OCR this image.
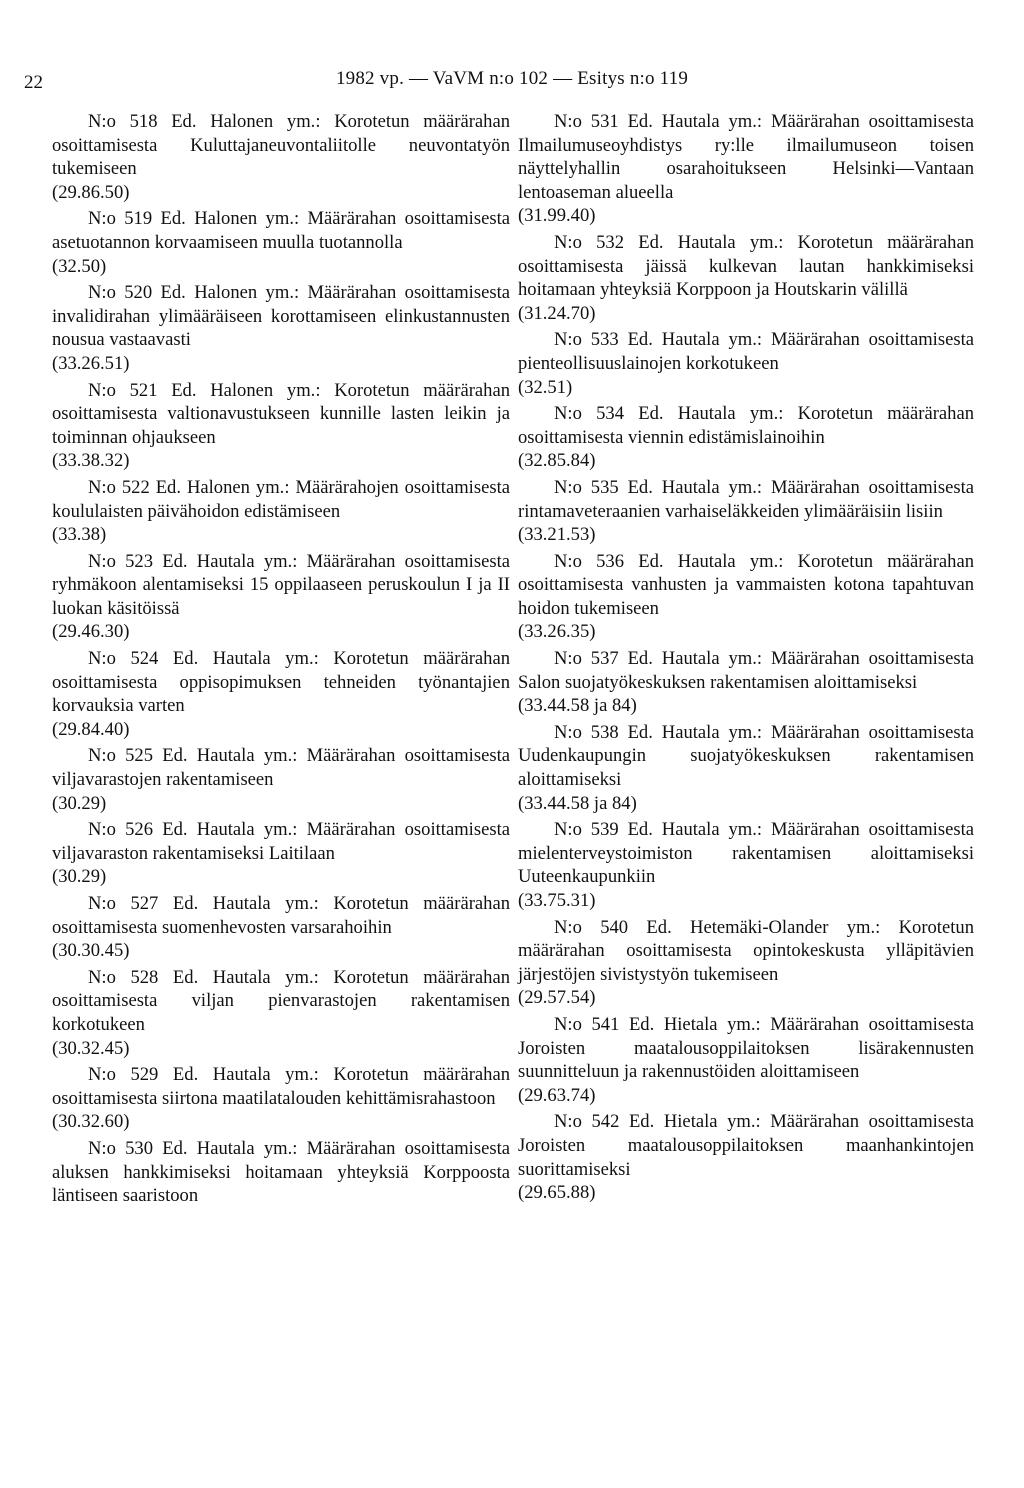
22	1982 vp. — VaVM n:o 102 — Esitys n:o 119

N:o 518 Ed. Halonen ym.: Korotetun määrärahan osoittamisesta Kuluttajaneuvontaliitolle neuvontatyön tukemiseen

(29.86.50)

N:o 519 Ed. Halonen ym.: Määrärahan osoittamisesta asetuotannon korvaamiseen muulla tuotannolla

(32.50)

N:o 520 Ed. Halonen ym.: Määrärahan osoittamisesta invalidirahan ylimääräiseen korottamiseen elinkustannusten nousua vastaavasti

(33.26.51)

N:o 521 Ed. Halonen ym.: Korotetun määrärahan osoittamisesta valtionavustukseen kunnille lasten leikin ja toiminnan ohjaukseen

(33.38.32)

N:o 522 Ed. Halonen ym.: Määrärahojen osoittamisesta koululaisten päivähoidon edistämiseen

(33.38)

N:o 523 Ed. Hautala ym.: Määrärahan osoittamisesta ryhmäkoon alentamiseksi 15 oppilaaseen peruskoulun I ja II luokan käsitöissä

(29.46.30)

N:o 524 Ed. Hautala ym.: Korotetun määrärahan osoittamisesta oppisopimuksen tehneiden työnantajien korvauksia varten

(29.84.40)

N:o 525 Ed. Hautala ym.: Määrärahan osoittamisesta viljavarastojen rakentamiseen

(30.29)

N:o 526 Ed. Hautala ym.: Määrärahan osoittamisesta viljavaraston rakentamiseksi Laitilaan

(30.29)

N:o 527 Ed. Hautala ym.: Korotetun määrärahan osoittamisesta suomenhevosten varsarahoihin

(30.30.45)

N:o 528 Ed. Hautala ym.: Korotetun määrärahan osoittamisesta viljan pienvarastojen rakentamisen korkotukeen

(30.32.45)

N:o 529 Ed. Hautala ym.: Korotetun määrärahan osoittamisesta siirtona maatilatalouden kehittämisrahastoon

(30.32.60)

N:o 530 Ed. Hautala ym.: Määrärahan osoittamisesta aluksen hankkimiseksi hoitamaan yhteyksiä Korppoosta läntiseen saaristoon

N:o 531 Ed. Hautala ym.: Määrärahan osoittamisesta Ilmailumuseoyhdistys ry:lle ilmailumuseon toisen näyttelyhallin osarahoitukseen Helsinki—Vantaan lentoaseman alueella

(31.99.40)

N:o 532 Ed. Hautala ym.: Korotetun määrärahan osoittamisesta jäissä kulkevan lautan hankkimiseksi hoitamaan yhteyksiä Korppoon ja Houtskarin välillä

(31.24.70)

N:o 533 Ed. Hautala ym.: Määrärahan osoittamisesta pienteollisuuslainojen korkotukeen

(32.51)

N:o 534 Ed. Hautala ym.: Korotetun määrärahan osoittamisesta viennin edistämislainoihin

(32.85.84)

N:o 535 Ed. Hautala ym.: Määrärahan osoittamisesta rintamaveteraanien varhaiseläkkeiden ylimääräisiin lisiin

(33.21.53)

N:o 536 Ed. Hautala ym.: Korotetun määrärahan osoittamisesta vanhusten ja vammaisten kotona tapahtuvan hoidon tukemiseen

(33.26.35)

N:o 537 Ed. Hautala ym.: Määrärahan osoittamisesta Salon suojatyökeskuksen rakentamisen aloittamiseksi

(33.44.58 ja 84)

N:o 538 Ed. Hautala ym.: Määrärahan osoittamisesta Uudenkaupungin suojatyökeskuksen rakentamisen aloittamiseksi

(33.44.58 ja 84)

N:o 539 Ed. Hautala ym.: Määrärahan osoittamisesta mielenterveystoimiston rakentamisen aloittamiseksi Uuteenkaupunkiin

(33.75.31)

N:o 540 Ed. Hetemäki-Olander ym.: Korotetun määrärahan osoittamisesta opintokeskusta ylläpitävien järjestöjen sivistystyön tukemiseen

(29.57.54)

N:o 541 Ed. Hietala ym.: Määrärahan osoittamisesta Joroisten maatalousoppilaitoksen lisärakennusten suunnitteluun ja rakennustöiden aloittamiseen

(29.63.74)

N:o 542 Ed. Hietala ym.: Määrärahan osoittamisesta Joroisten maatalousoppilaitoksen maanhankintojen suorittamiseksi

(29.65.88)
